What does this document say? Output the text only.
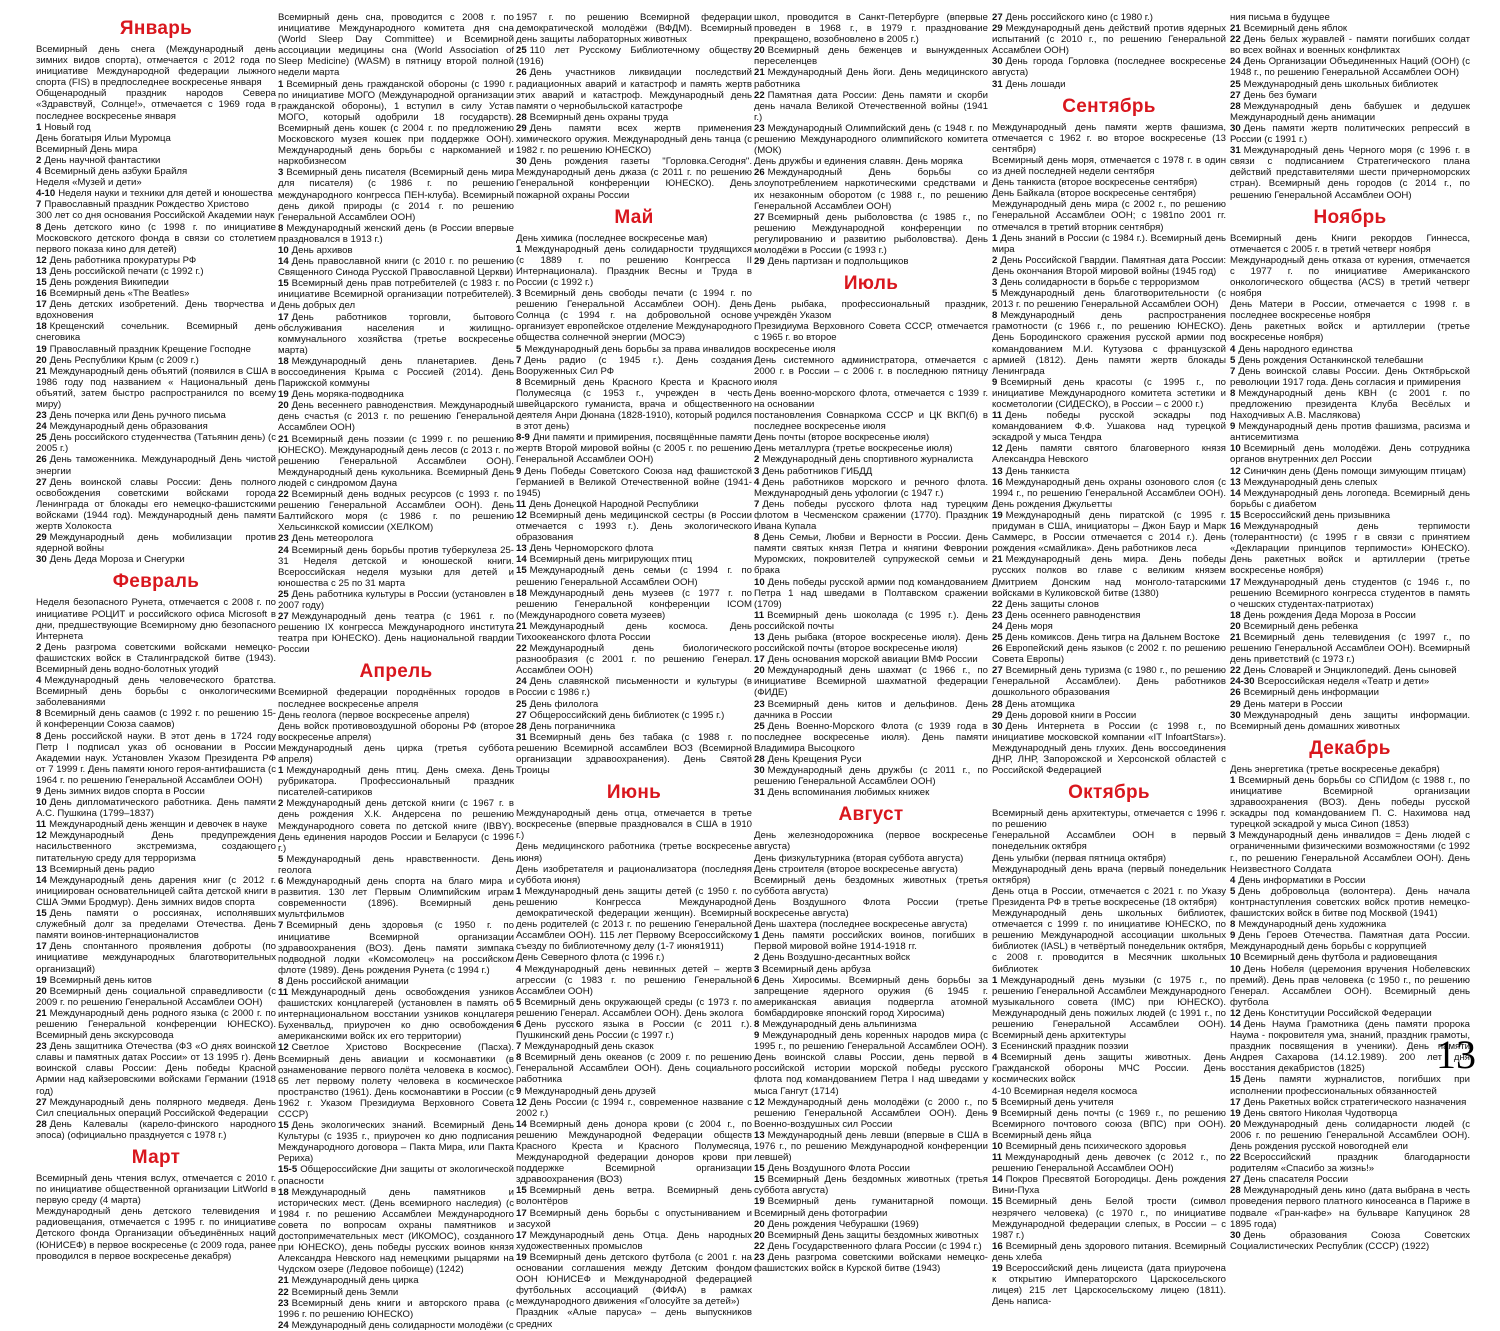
Январь
Всемирный день снега (Международный день зимних видов спорта), отмечается с 2012 года по инициативе Международной федерации лыжного спорта (FIS) в предпоследнее воскресенье января
Общенародный праздник народов Севера «Здравствуй, Солнце!», отмечается с 1969 года в последнее воскресенье января
1 Новый год
День богатыря Ильи Муромца
Всемирный День мира
2 День научной фантастики
4 Всемирный день азбуки Брайля
Неделя «Музей и дети»
4-10 Неделя науки и техники для детей и юношества
7 Православный праздник Рождество Христово
300 лет со дня основания Российской Академии наук
8 День детского кино (с 1998 г. по инициативе Московского детского фонда в связи со столетием первого показа кино для детей)
12 День работника прокуратуры РФ
13 День российской печати (с 1992 г.)
15 День рождения Википедии
16 Всемирный день «The Beatles»
17 День детских изобретений. День творчества и вдохновения
18 Крещенский сочельник. Всемирный день снеговика
19 Православный праздник Крещение Господне
20 День Республики Крым (с 2009 г.)
21 Международный день объятий (появился в США в 1986 году под названием « Национальный день объятий, затем быстро распространился по всему миру)
23 День почерка или День ручного письма
24 Международный день образования
25 День российского студенчества (Татьянин день) (с 2005 г.)
26 День таможенника. Международный День чистой энергии
27 День воинской славы России: День полного освобождения советскими войсками города Ленинграда от блокады его немецко-фашистскими войсками (1944 год). Международный день памяти жертв Холокоста
29 Международный день мобилизации против ядерной войны
30 День Деда Мороза и Снегурки
Февраль
Неделя безопасного Рунета, отмечается с 2008 г. по инициативе РОЦИТ и российского офиса Microsoft в дни, предшествующие Всемирному дню безопасного Интернета
2 День разгрома советскими войсками немецко-фашистских войск в Сталинградской битве (1943). Всемирный день водно-болотных угодий
4 Международный день человеческого братства. Всемирный день борьбы с онкологическими заболеваниями
8 Всемирный день саамов (с 1992 г. по решению 15-й конференции Союза саамов)
8 День российской науки. В этот день в 1724 году Петр I подписал указ об основании в России Академии наук. Установлен Указом Президента РФ от 7 1999 г. День памяти юного героя-антифашиста (с 1964 г. по решению Генеральной Ассамблеи ООН)
9 День зимних видов спорта в России
10 День дипломатического работника. День памяти А.С. Пушкина (1799–1837)
11 Международный день женщин и девочек в науке
12 Международный День предупреждения насильственного экстремизма, создающего питательную среду для терроризма
13 Всемирный день радио
14 Международный день дарения книг (с 2012 г. инициирован основательницей сайта детской книги в США Эмми Бродмур). День зимних видов спорта
15 День памяти о россиянах, исполнявших служебный долг за пределами Отечества. День памяти воинов-интернационалистов
17 День спонтанного проявления доброты (по инициативе международных благотворительных организаций)
19 Всемирный день китов
20 Всемирный день социальной справедливости (с 2009 г. по решению Генеральной Ассамблеи ООН)
21 Международный день родного языка (с 2000 г. по решению Генеральной конференции ЮНЕСКО). Всемирный день экскурсовода
23 День защитника Отечества (ФЗ «О днях воинской славы и памятных датах России» от 13 1995 г). День воинской славы России: День победы Красной Армии над кайзеровскими войсками Германии (1918 год)
27 Международный день полярного медведя. День Сил специальных операций Российской Федерации
28 День Калевалы (карело-финского народного эпоса) (официально празднуется с 1978 г.)
Март
Всемирный день чтения вслух, отмечается с 2010 г. по инициативе общественной организации LitWorld в первую среду (4 марта)
Международный день детского телевидения и радиовещания, отмечается с 1995 г. по инициативе Детского фонда Организации объединённых наций (ЮНИСЕФ) в первое воскресенье (с 2009 года, ранее проводился в первое воскресенье декабря)
Всемирный день сна, проводится с 2008 г. по инициативе Международного комитета дня сна (World Sleep Day Committee) и Всемирной ассоциации медицины сна (World Association of Sleep Medicine) (WASM) в пятницу второй полной недели марта
1 Всемирный день гражданской обороны (с 1990 г. по инициативе МОГО (Международной организации гражданской обороны), 1 вступил в силу Устав МОГО, который одобрили 18 государств). Всемирный день кошек (с 2004 г. по предложению Московского музея кошек при поддержке ООН). Международный день борьбы с наркоманией и наркобизнесом
3 Всемирный день писателя (Всемирный день мира для писателя) (с 1986 г. по решению международного конгресса ПЕН-клуба). Всемирный день дикой природы (с 2014 г. по решению Генеральной Ассамблеи ООН)
8 Международный женский день (в России впервые праздновался в 1913 г.)
10 День архивов
14 День православной книги (с 2010 г. по решению Священного Синода Русской Православной Церкви)
15 Всемирный день прав потребителей (с 1983 г. по инициативе Всемирной организации потребителей). День добрых дел
17 День работников торговли, бытового обслуживания населения и жилищно-коммунального хозяйства (третье воскресенье марта)
18 Международный день планетариев. День воссоединения Крыма с Россией (2014). День Парижской коммуны
19 День моряка-подводника
20 День весеннего равноденствия. Международный день счастья (с 2013 г. по решению Генеральной Ассамблеи ООН)
21 Всемирный день поэзии (с 1999 г. по решению ЮНЕСКО). Международный день лесов (с 2013 г. по решению Генеральной Ассамблеи ООН). Международный день кукольника. Всемирный День людей с синдромом Дауна
22 Всемирный день водных ресурсов (с 1993 г. по решению Генеральной Ассамблеи ООН). День Балтийского моря (с 1986 г. по решению Хельсинкской комиссии (ХЕЛКОМ)
23 День метеоролога
24 Всемирный день борьбы против туберкулеза 25-31 Неделя детской и юношеской книги. Всероссийская неделя музыки для детей и юношества с 25 по 31 марта
25 День работника культуры в России (установлен в 2007 году)
27 Международный день театра (с 1961 г. по решению IX конгресса Международного института театра при ЮНЕСКО). День национальной гвардии России
Апрель
Всемирной федерации породнённых городов в последнее воскресенье апреля
День геолога (первое воскресенье апреля)
День войск противовоздушной обороны РФ (второе воскресенье апреля)
Международный день цирка (третья суббота апреля)
1 Международный день птиц. День смеха. День рубрикатора. Профессиональный праздник писателей-сатириков
2 Международный день детской книги (с 1967 г. в день рождения Х.К. Андерсена по решению Международного совета по детской книге (IBBY). День единения народов России и Беларуси (с 1996 г.)
5 Международный день нравственности. День геолога
6 Международный день спорта на благо мира и развития. 130 лет Первым Олимпийским играм современности (1896). Всемирный день мультфильмов
7 Всемирный день здоровья (с 1950 г. по инициативе Всемирной организации здравоохранения (ВОЗ). День памяти зимпака подводной лодки «Комсомолец» на российском флоте (1989). День рождения Рунета (с 1994 г.)
8 День российской анимации
11 Международный день освобождения узников фашистских концлагерей (установлен в память об интернациональном восстании узников концлагеря Бухенвальд, приурочен ко дню освобождения американскими войск их его территории)
12 Светлое Христово Воскресение (Пасха). Всемирный день авиации и космонавтики (в ознаменование первого полёта человека в космос). 65 лет первому полету человека в космическое пространство (1961). День космонавтики в России (с 1962 г. Указом Президиума Верховного Совета СССР)
15 День экологических знаний. Всемирный День Культуры (с 1935 г., приурочен ко дню подписания Международного договора – Пакта Мира, или Пакта Рериха)
15-5 Общероссийские Дни защиты от экологической опасности
18 Международный день памятников и исторических мест. (День всемирного наследия) (с 1984 г. по решению Ассамблеи Международного совета по вопросам охраны памятников и достопримечательных мест (ИКОМОС), созданного при ЮНЕСКО), день победы русских воинов князя Александра Невского над немецкими рыцарями на Чудском озере (Ледовое побоище) (1242)
21 Международный день цирка
22 Всемирный день Земли
23 Всемирный день книги и авторского права (с 1996 г. по решению ЮНЕСКО)
24 Международный день солидарности молодёжи (с
1957 г. по решению Всемирной федерации демократической молодёжи (ВФДМ). Всемирный день защиты лабораторных животных
25 110 лет Русскому Библиотечному обществу (1916)
26 День участников ликвидации последствий радиационных аварий и катастроф и память жертв этих аварий и катастроф. Международный день памяти о чернобыльской катастрофе
28 Всемирный день охраны труда
29 День памяти всех жертв применения химического оружия. Международный день танца (с 1982 г. по решению ЮНЕСКО)
30 День рождения газеты "Горловка.Сегодня". Международный день джаза (с 2011 г. по решению Генеральной конференции ЮНЕСКО). День пожарной охраны России
Май
День химика (последнее воскресенье мая)
1 Международный день солидарности трудящихся (с 1889 г. по решению Конгресса II Интернационала). Праздник Весны и Труда в России (с 1992 г.)
3 Всемирный день свободы печати (с 1994 г. по решению Генеральной Ассамблеи ООН). День Солнца (с 1994 г. на добровольной основе организует европейское отделение Международного общества солнечной энергии (МОСЭ)
5 Международный день борьбы за права инвалидов
7 День радио (с 1945 г.). День создания Вооруженных Сил РФ
8 Всемирный день Красного Креста и Красного Полумесяца (с 1953 г., учрежден в честь швейцарского гуманиста, врача и общественного деятеля Анри Дюнана (1828-1910), который родился в этот день)
8-9 Дни памяти и примирения, посвящённые памяти жертв Второй мировой войны (с 2005 г. по решению Генеральной Ассамблеи ООН)
9 День Победы Советского Союза над фашистской Германией в Великой Отечественной войне (1941-1945)
11 День Донецкой Народной Республики
12 Всемирный день медицинской сестры (в России отмечается с 1993 г.). День экологического образования
13 День Черноморского флота
14 Всемирный день мигрирующих птиц
15 Международный день семьи (с 1994 г. по решению Генеральной Ассамблеи ООН)
18 Международный день музеев (с 1977 г. по решению Генеральной конференции ICOM (Международного совета музеев)
21 Международный день космоса. День Тихоокеанского флота России
22 Международный день биологического разнообразия (с 2001 г. по решению Генерал. Ассамблеи ООН)
24 День славянской письменности и культуры (в России с 1986 г.)
25 День филолога
27 Общероссийский день библиотек (с 1995 г.)
28 День пограничника
31 Всемирный день без табака (с 1988 г. по решению Всемирной ассамблеи ВОЗ (Всемирной организации здравоохранения). День Святой Троицы
Июнь
Международный день отца, отмечается в третье воскресенье (впервые праздновался в США в 1910 г.)
День медицинского работника (третье воскресенье июня)
День изобретателя и рационализатора (последняя суббота июня)
1 Международный день защиты детей (с 1950 г. по решению Конгресса Международной демократической федерации женщин). Всемирный день родителей (с 2013 г. по решению Генеральной Ассамблеи ООН). 115 лет Первому Всероссийскому съезду по библиотечному делу (1-7 июня1911)
День Северного флота (с 1996 г.)
4 Международный день невинных детей – жертв агрессии (с 1983 г. по решению Генеральной Ассамблеи ООН)
5 Всемирный день окружающей среды (с 1973 г. по решению Генерал. Ассамблеи ООН). День эколога
6 День русского языка в России (с 2011 г.). Пушкинский день России (с 1997 г.)
7 Международный день сказок
8 Всемирный день океанов (с 2009 г. по решению Генеральной Ассамблеи ООН). День социального работника
9 Международный день друзей
12 День России (с 1994 г., современное название с 2002 г.)
14 Всемирный день донора крови (с 2004 г., по решению Международной Федерации обществ Красного Креста и Красного Полумесяца, Международной федерации доноров крови при поддержке Всемирной организации здравоохранения (ВОЗ)
15 Всемирный день ветра. Всемирный день волонтёров
17 Всемирный день борьбы с опустыниванием и засухой
17 Международный день Отца. День народных художественных промыслов
19 Всемирный день детского футбола (с 2001 г. на основании соглашения между Детским фондом ООН ЮНИСЕФ и Международной федерацией футбольных ассоциаций (ФИФА) в рамках международного движения «Голосуйте за детей»)
Праздник «Алые паруса» – день выпускников средних
школ, проводится в Санкт-Петербурге (впервые проведен в 1968 г., в 1979 г. празднование прекращено, возобновлено в 2005 г.)
20 Всемирный день беженцев и вынужденных переселенцев
21 Международный День йоги. День медицинского работника
22 Памятная дата России: День памяти и скорби день начала Великой Отечественной войны (1941 г.)
23 Международный Олимпийский день (с 1948 г. по решению Международного олимпийского комитета (МОК)
День дружбы и единения славян. День моряка
26 Международный День борьбы со злоупотреблением наркотическими средствами и их незаконным оборотом (с 1988 г., по решению Генеральной Ассамблеи ООН)
27 Всемирный день рыболовства (с 1985 г., по решению Международной конференции по регулированию и развитию рыболовства). День молодёжи в России (с 1993 г.)
29 День партизан и подпольщиков
Июль
День рыбака, профессиональный праздник, учреждён Указом
Президиума Верховного Совета СССР, отмечается с 1965 г. во второе
воскресенье июля
День системного администратора, отмечается с 2000 г. в России – с 2006 г. в последнюю пятницу июля
День военно-морского флота, отмечается с 1939 г. на основании
постановления Совнаркома СССР и ЦК ВКП(б) в последнее воскресенье июля
День почты (второе воскресенье июля)
День металлурга (третье воскресенье июля)
2 Международный день спортивного журналиста
3 День работников ГИБДД
4 День работников морского и речного флота. Международный день уфологии (с 1947 г.)
7 День победы русского флота над турецким флотом в Чесменском сражении (1770). Праздник Ивана Купала
8 День Семьи, Любви и Верности в России. День памяти святых князя Петра и княгини Февронии Муромских, покровителей супружеской семьи и брака
10 День победы русской армии под командованием Петра 1 над шведами в Полтавском сражении (1709)
11 Всемирный день шоколада (с 1995 г.). День российской почты
13 День рыбака (второе воскресенье июля). День российской почты (второе воскресенье июля)
17 День основания морской авиации ВМФ России
20 Международный день шахмат (с 1966 г., по инициативе Всемирной шахматной федерации (ФИДЕ)
23 Всемирный день китов и дельфинов. День дачника в России
25 День Военно-Морского Флота (с 1939 года в последнее воскресенье июля). День памяти Владимира Высоцкого
28 День Крещения Руси
30 Международный день дружбы (с 2011 г., по решению Генеральной Ассамблеи ООН)
31 День вспоминания любимых книжек
Август
День железнодорожника (первое воскресенье августа)
День физкультурника (вторая суббота августа)
День строителя (второе воскресенье августа)
Всемирный день бездомных животных (третья суббота августа)
День Воздушного Флота России (третье воскресенье августа)
День шахтера (последнее воскресенье августа)
1 День памяти российских воинов, погибших в Первой мировой войне 1914-1918 гг.
2 День Воздушно-десантных войск
3 Всемирный день арбуза
6 День Хиросимы. Всемирный день борьбы за запрещение ядерного оружия (6 1945 г. американская авиация подвергла атомной бомбардировке японский город Хиросима)
8 Международный день альпинизма
9 Международный день коренных народов мира (с 1995 г., по решению Генеральной Ассамблеи ООН). День воинской славы России, день первой в российской истории морской победы русского флота под командованием Петра I над шведами у мыса Гангут (1714)
12 Международный день молодёжи (с 2000 г., по решению Генеральной Ассамблеи ООН). День Военно-воздушных сил России
13 Международный день левши (впервые в США в 1976 г., по решению Международной конференции левшей)
15 День Воздушного Флота России
15 Всемирный День бездомных животных (третья суббота августа)
19 Всемирный день гуманитарной помощи. Всемирный день фотографии
20 День рождения Чебурашки (1969)
20 Всемирный День защиты бездомных животных
22 День Государственного флага России (с 1994 г.)
23 День разгрома советскими войсками немецко-фашистских войск в Курской битве (1943)
27 День российского кино (с 1980 г.)
29 Международный день действий против ядерных испытаний (с 2010 г., по решению Генеральной Ассамблеи ООН)
30 День города Горловка (последнее воскресенье августа)
31 День лошади
Сентябрь
Международный день памяти жертв фашизма, отмечается с 1962 г. во второе воскресенье (13 сентября)
Всемирный день моря, отмечается с 1978 г. в один из дней последней недели сентября
День танкиста (второе воскресенье сентября)
День Байкала (второе воскресенье сентября)
Международный день мира (с 2002 г., по решению Генеральной Ассамблеи ООН; с 1981по 2001 гг. отмечался в третий вторник сентября)
1 День знаний в России (с 1984 г.). Всемирный день мира
2 День Российской Гвардии. Памятная дата России: День окончания Второй мировой войны (1945 год)
3 День солидарности в борьбе с терроризмом
5 Международный день благотворительности (с 2013 г. по решению Генеральной Ассамблеи ООН)
8 Международный день распространения грамотности (с 1966 г., по решению ЮНЕСКО). День Бородинского сражения русской армии под командованием М.И. Кутузова с французской армией (1812). День памяти жертв блокады Ленинграда
9 Всемирный день красоты (с 1995 г., по инициативе Международного комитета эстетики и косметологии (СИДЕСКО), в России – с 2000 г.)
11 День победы русской эскадры под командованием Ф.Ф. Ушакова над турецкой эскадрой у мыса Тендра
12 День памяти святого благоверного князя Александра Невского
13 День танкиста
16 Международный день охраны озонового слоя (с 1994 г., по решению Генеральной Ассамблеи ООН). День рождения Джульетты
19 Международный день пиратской (с 1995 г. придуман в США, инициаторы – Джон Баур и Марк Саммерс, в России отмечается с 2014 г.). День рождения «смайлика». День работников леса
21 Международный день мира. День победы русских полков во главе с великим князем Дмитрием Донским над монголо-татарскими войсками в Куликовской битве (1380)
22 День защиты слонов
23 День осеннего равноденствия
24 День моря
25 День комиксов. День тигра на Дальнем Востоке
26 Европейский день языков (с 2002 г. по решению Совета Европы)
27 Всемирный день туризма (с 1980 г., по решению Генеральной Ассамблеи). День работников дошкольного образования
28 День атомщика
29 День доровой книги в России
30 День Интернета в России (с 1998 г., по инициативе московской компании «IT InfoartStars»). Международный день глухих. День воссоединения ДНР, ЛНР, Запорожской и Херсонской областей с Российской Федерацией
Октябрь
Всемирный день архитектуры, отмечается с 1996 г. по решению
Генеральной Ассамблеи ООН в первый понедельник октября
День улыбки (первая пятница октября)
Международный день врача (первый понедельник октября)
День отца в России, отмечается с 2021 г. по Указу Президента РФ в третье воскресенье (18 октября)
Международный день школьных библиотек, отмечается с 1999 г. по инициативе ЮНЕСКО, по решению Международной ассоциации школьных библиотек (IASL) в четвёртый понедельник октября, с 2008 г. проводится в Месячник школьных библиотек
1 Международный день музыки (с 1975 г., по решению Генеральной Ассамблеи Международного музыкального совета (IMC) при ЮНЕСКО). Международный день пожилых людей (с 1991 г., по решению Генеральной Ассамблеи ООН). Всемирный день архитектуры
3 Есенинский праздник поэзии
4 Всемирный день защиты животных. День Гражданской обороны МЧС России. День космических войск
4-10 Всемирная неделя космоса
5 Всемирный день учителя
9 Всемирный день почты (с 1969 г., по решению Всемирного почтового союза (ВПС) при ООН). Всемирный день яйца
10 Всемирный день психического здоровья
11 Международный день девочек (с 2012 г., по решению Генеральной Ассамблеи ООН)
14 Покров Пресвятой Богородицы. День рождения Вини-Пуха
15 Всемирный день Белой трости (символ незрячего человека) (с 1970 г., по инициативе Международной федерации слепых, в России – с 1987 г.)
16 Всемирный день здорового питания. Всемирный день хлеба
19 Всероссийский день лицеиста (дата приурочена к открытию Императорского Царскосельского лицея) 215 лет Царскосельскому лицею (1811). День написа-
ния письма в будущее
21 Всемирный день яблок
22 День белых журавлей - памяти погибших солдат во всех войнах и военных конфликтах
24 День Организации Объединенных Наций (ООН) (с 1948 г., по решению Генеральной Ассамблеи ООН)
25 Международный день школьных библиотек
27 День без бумаги
28 Международный день бабушек и дедушек Международный день анимации
30 День памяти жертв политических репрессий в России (с 1991 г.)
31 Международный день Черного моря (с 1996 г. в связи с подписанием Стратегического плана действий представителями шести причерноморских стран). Всемирный день городов (с 2014 г., по решению Генеральной Ассамблеи ООН)
Ноябрь
Всемирный день Книги рекордов Гиннесса, отмечается с 2005 г. в третий четверг ноября
Международный день отказа от курения, отмечается с 1977 г. по инициативе Американского онкологического общества (ACS) в третий четверг ноября
День Матери в России, отмечается с 1998 г. в последнее воскресенье ноября
День ракетных войск и артиллерии (третье воскресенье ноября)
4 День народного единства
5 День рождения Останкинской телебашни
7 День воинской славы России. День Октябрьской революции 1917 года. День согласия и примирения
8 Международный день КВН (с 2001 г. по предложению президента Клуба Весёлых и Находчивых А.В. Маслякова)
9 Международный день против фашизма, расизма и антисемитизма
10 Всемирный день молодёжи. День сотрудника органов внутренних дел России
12 Синичкин день (День помощи зимующим птицам)
13 Международный день слепых
14 Международный день логопеда. Всемирный день борьбы с диабетом
15 Всероссийский день призывника
16 Международный день терпимости (толерантности) (с 1995 г в связи с принятием «Декларации принципов терпимости» ЮНЕСКО). День ракетных войск и артиллерии (третье воскресенье ноября)
17 Международный день студентов (с 1946 г., по решению Всемирного конгресса студентов в память о чешских студентах-патриотах)
18 День рождения Деда Мороза в России
20 Всемирный день ребенка
21 Всемирный день телевидения (с 1997 г., по решению Генеральной Ассамблеи ООН). Всемирный день приветствий (с 1973 г.)
22 День Словарей и Энциклопедий. День сыновей
24-30 Всероссийская неделя «Театр и дети»
26 Всемирный день информации
29 День матери в России
30 Международный день защиты информации. Всемирный день домашних животных
Декабрь
День энергетика (третье воскресенье декабря)
1 Всемирный день борьбы со СПИДом (с 1988 г., по инициативе Всемирной организации здравоохранения (ВОЗ). День победы русской эскадры под командованием П. С. Нахимова над турецкой эскадрой у мыса Синоп (1853)
3 Международный день инвалидов = День людей с ограниченными физическими возможностями (с 1992 г., по решению Генеральной Ассамблеи ООН). День Неизвестного Солдата
4 День информатики в России
5 День добровольца (волонтера). День начала контрнаступления советских войск против немецко-фашистских войск в битве под Москвой (1941)
8 Международный день художника
9 День Героев Отечества. Памятная дата России. Международный день борьбы с коррупцией
10 Всемирный день футбола и радиовещания
10 День Нобеля (церемония вручения Нобелевских премий). День прав человека (с 1950 г., по решению Генерал. Ассамблеи ООН). Всемирный день футбола
12 День Конституции Российской Федерации
14 День Наума Грамотника (день памяти пророка Наума - покровителя ума, знаний, праздник грамоты, праздник посвящения в ученики). День памяти Андрея Сахарова (14.12.1989). 200 лет дня восстания декабристов (1825)
15 День памяти журналистов, погибших при исполнении профессиональных обязанностей
17 День Ракетных войск стратегического назначения
19 День святого Николая Чудотворца
20 Международный день солидарности людей (с 2006 г. по решению Генеральной Ассамблеи ООН). День рождения русской новогодней ели
22 Всероссийский праздник благодарности родителям «Спасибо за жизнь!»
27 День спасателя России
28 Международный день кино (дата выбрана в честь проведения первого платного киносеанса в Париже в подвале «Гран-кафе» на бульваре Капуцинок 28 1895 года)
30 День образования Союза Советских Социалистических Республик (СССР) (1922)
13
